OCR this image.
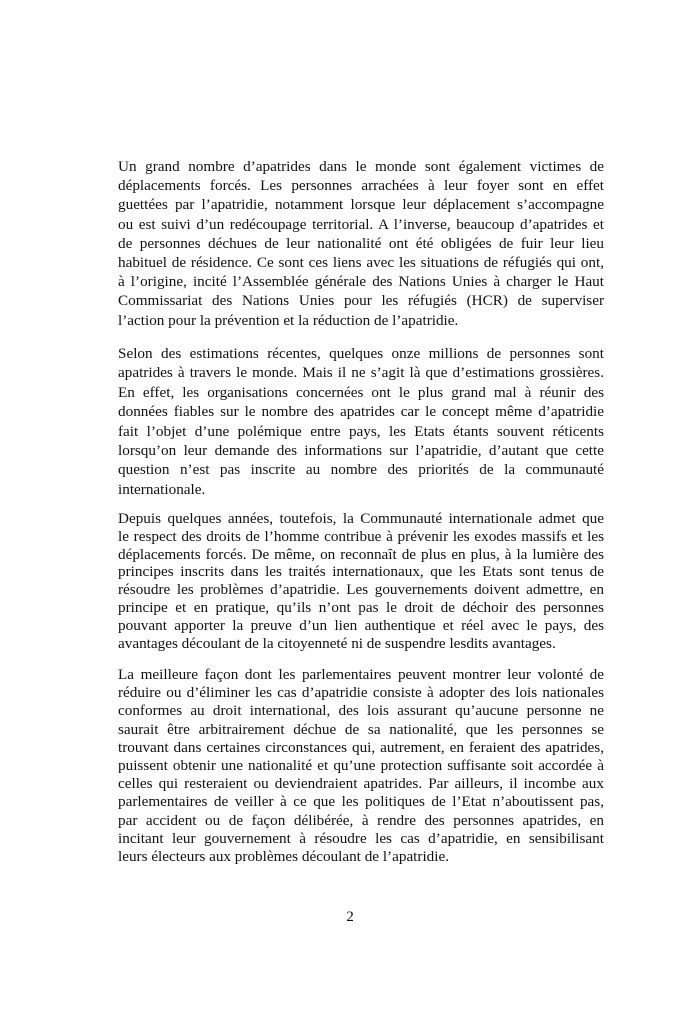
Un grand nombre d’apatrides dans le monde sont également victimes de
déplacements forcés. Les personnes arrachées à leur foyer sont en effet
guettées par l’apatridie, notamment lorsque leur déplacement s’accompagne
ou est suivi d’un redécoupage territorial. A l’inverse, beaucoup d’apatrides et
de personnes déchues de leur nationalité ont été obligées de fuir leur lieu
habituel de résidence. Ce sont ces liens avec les situations de réfugiés qui ont,
à l’origine, incité l’Assemblée générale des Nations Unies à charger le Haut
Commissariat des Nations Unies pour les réfugiés (HCR) de superviser
l’action pour la prévention et la réduction de l’apatridie.
Selon des estimations récentes, quelques onze millions de personnes sont
apatrides à travers le monde. Mais il ne s’agit là que d’estimations grossières.
En effet, les organisations concernées ont le plus grand mal à réunir des
données fiables sur le nombre des apatrides car le concept même d’apatridie
fait l’objet d’une polémique entre pays, les Etats étants souvent réticents
lorsqu’on leur demande des informations sur l’apatridie, d’autant que cette
question n’est pas inscrite au nombre des priorités de la communauté
internationale.
Depuis quelques années, toutefois, la Communauté internationale admet que
le respect des droits de l’homme contribue à prévenir les exodes massifs et les
déplacements forcés. De même, on reconnaît de plus en plus, à la lumière des
principes inscrits dans les traités internationaux, que les Etats sont tenus de
résoudre les problèmes d’apatridie. Les gouvernements doivent admettre, en
principe et en pratique, qu’ils n’ont pas le droit de déchoir des personnes
pouvant apporter la preuve d’un lien authentique et réel avec le pays, des
avantages découlant de la citoyenneté ni de suspendre lesdits avantages.
La meilleure façon dont les parlementaires peuvent montrer leur volonté de
réduire ou d’éliminer les cas d’apatridie consiste à adopter des lois nationales
conformes au droit international, des lois assurant qu’aucune personne ne
saurait être arbitrairement déchue de sa nationalité, que les personnes se
trouvant dans certaines circonstances qui, autrement, en feraient des apatrides,
puissent obtenir une nationalité et qu’une protection suffisante soit accordée à
celles qui resteraient ou deviendraient apatrides. Par ailleurs, il incombe aux
parlementaires de veiller à ce que les politiques de l’Etat n’aboutissent pas,
par accident ou de façon délibérée, à rendre des personnes apatrides, en
incitant leur gouvernement à résoudre les cas d’apatridie, en sensibilisant
leurs électeurs aux problèmes découlant de l’apatridie.
2
